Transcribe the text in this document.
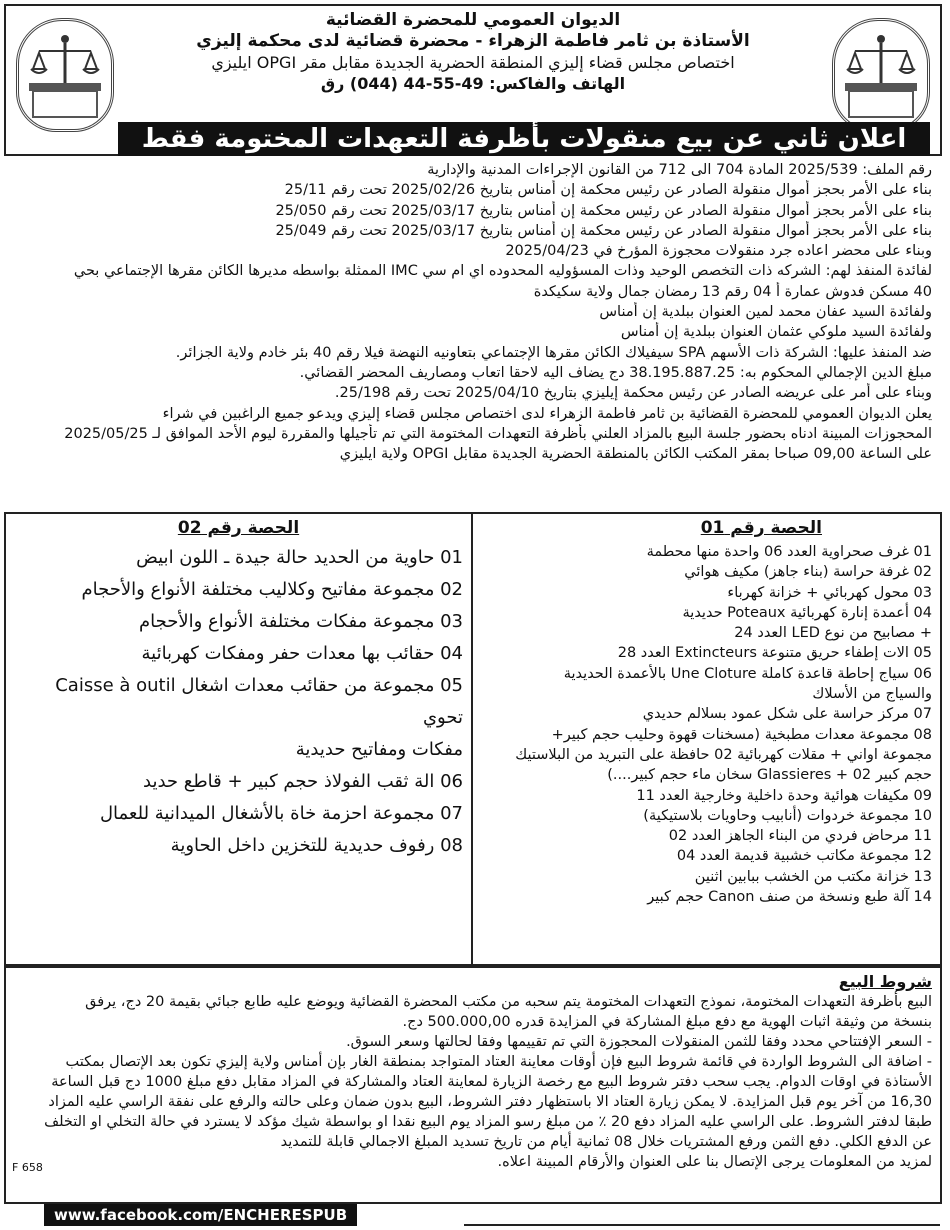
الديوان العمومي للمحضرة القضائية
الأستاذة بن ثامر فاطمة الزهراء - محضرة قضائية لدى محكمة إليزي
اختصاص مجلس قضاء إليزي المنطقة الحضرية الجديدة مقابل مقر OPGI ايليزي
الهاتف والفاكس: 49-55-44 (044) رق
اعلان ثاني عن بيع منقولات بأظرفة التعهدات المختومة فقط
رقم الملف: 2025/539 المادة 704 الى 712 من القانون الإجراءات المدنية والإدارية
بناء على الأمر بحجز أموال منقولة الصادر عن رئيس محكمة إن أمناس بتاريخ 2025/02/26 تحت رقم 25/11
بناء على الأمر بحجز أموال منقولة الصادر عن رئيس محكمة إن أمناس بتاريخ 2025/03/17 تحت رقم 25/050
بناء على الأمر بحجز أموال منقولة الصادر عن رئيس محكمة إن أمناس بتاريخ 2025/03/17 تحت رقم 25/049
وبناء على محضر اعاده جرد منقولات محجوزة المؤرخ في 2025/04/23
لفائدة المنفذ لهم: الشركه ذات التخصص الوحيد وذات المسؤوليه المحدوده اي ام سي IMC الممثلة بواسطه مديرها الكائن مقرها الإجتماعي بحي
40 مسكن فدوش عمارة أ 04 رقم 13 رمضان جمال ولاية سكيكدة
ولفائدة السيد عفان محمد لمين العنوان ببلدية إن أمناس
ولفائدة السيد ملوكي عثمان العنوان ببلدية إن أمناس
ضد المنفذ عليها: الشركة ذات الأسهم SPA سيفيلاك الكائن مقرها الإجتماعي بتعاونيه النهضة فيلا رقم 40 بئر خادم ولاية الجزائر.
مبلغ الدين الإجمالي المحكوم به: 38.195.887.25 دج يضاف اليه لاحقا اتعاب ومصاريف المحضر القضائي.
وبناء على أمر على عريضه الصادر عن رئيس محكمة إيليزي بتاريخ 2025/04/10 تحت رقم 25/198.
يعلن الديوان العمومي للمحضرة القضائية بن ثامر فاطمة الزهراء لدى اختصاص مجلس قضاء إليزي ويدعو جميع الراغبين في شراء
المحجوزات المبينة ادناه بحضور جلسة البيع بالمزاد العلني بأظرفة التعهدات المختومة التي تم تأجيلها والمقررة ليوم الأحد الموافق لـ 2025/05/25
على الساعة 09,00 صباحا بمقر المكتب الكائن بالمنطقة الحضرية الجديدة مقابل OPGI ولاية ايليزي
الحصة رقم 01
01 غرف صحراوية العدد 06 واحدة منها محطمة
02 غرفة حراسة (بناء جاهز) مكيف هوائي
03 محول كهربائي + خزانة كهرباء
04 أعمدة إنارة كهربائية Poteaux حديدية
+ مصابيح من نوع LED العدد 24
05 الات إطفاء حريق متنوعة Extincteurs العدد 28
06 سياج إحاطة قاعدة كاملة Une Cloture بالأعمدة الحديدية
والسياج من الأسلاك
07 مركز حراسة على شكل عمود بسلالم حديدي
08 مجموعة معدات مطبخية (مسخنات قهوة وحليب حجم كبير+
مجموعة اواني + مقلات كهربائية 02 حافظة على التبريد من البلاستيك
حجم كبير 02 + Glassieres سخان ماء حجم كبير....)
09 مكيفات هوائية وحدة داخلية وخارجية العدد 11
10 مجموعة خردوات (أنابيب وحاويات بلاستيكية)
11 مرحاض فردي من البناء الجاهز العدد 02
12 مجموعة مكاتب خشبية قديمة العدد 04
13 خزانة مكتب من الخشب ببابين اثنين
14 آلة طبع ونسخة من صنف Canon حجم كبير
الحصة رقم 02
01 حاوية من الحديد حالة جيدة ـ اللون ابيض
02 مجموعة مفاتيح وكلاليب مختلفة الأنواع والأحجام
03 مجموعة مفكات مختلفة الأنواع والأحجام
04 حقائب بها معدات حفر ومفكات كهربائية
05 مجموعة من حقائب معدات اشغال Caisse à outil تحوي
مفكات ومفاتيح حديدية
06 الة ثقب الفولاذ حجم كبير + قاطع حديد
07 مجموعة احزمة خاة بالأشغال الميدانية للعمال
08 رفوف حديدية للتخزين داخل الحاوية
شروط البيع
البيع بأظرفة التعهدات المختومة، نموذج التعهدات المختومة يتم سحبه من مكتب المحضرة القضائية ويوضع عليه طابع جبائي بقيمة 20 دج، يرفق
بنسخة من وثيقة اثبات الهوية مع دفع مبلغ المشاركة في المزايدة قدره 500.000,00 دج.
- السعر الإفتتاحي محدد وفقا للثمن المنقولات المحجوزة التي تم تقييمها وفقا لحالتها وسعر السوق.
- اضافة الى الشروط الواردة في قائمة شروط البيع فإن أوقات معاينة العتاد المتواجد بمنطقة الغار بإن أمناس ولاية إليزي تكون بعد الإتصال بمكتب
الأستاذة في اوقات الدوام. يجب سحب دفتر شروط البيع مع رخصة الزيارة لمعاينة العتاد والمشاركة في المزاد مقابل دفع مبلغ 1000 دج قبل الساعة
16,30 من آخر يوم قبل المزايدة. لا يمكن زيارة العتاد الا باستظهار دفتر الشروط، البيع بدون ضمان وعلى حالته والرفع على نفقة الراسي عليه المزاد
طبقا لدفتر الشروط. على الراسي عليه المزاد دفع 20 ٪ من مبلغ رسو المزاد يوم البيع نقدا او بواسطة شيك مؤكد لا يسترد في حالة التخلي او التخلف
عن الدفع الكلي. دفع الثمن ورفع المشتريات خلال 08 ثمانية أيام من تاريخ تسديد المبلغ الاجمالي قابلة للتمديد
لمزيد من المعلومات يرجى الإتصال بنا على العنوان والأرقام المبينة اعلاه.
F 658
www.facebook.com/ENCHERESPUB
